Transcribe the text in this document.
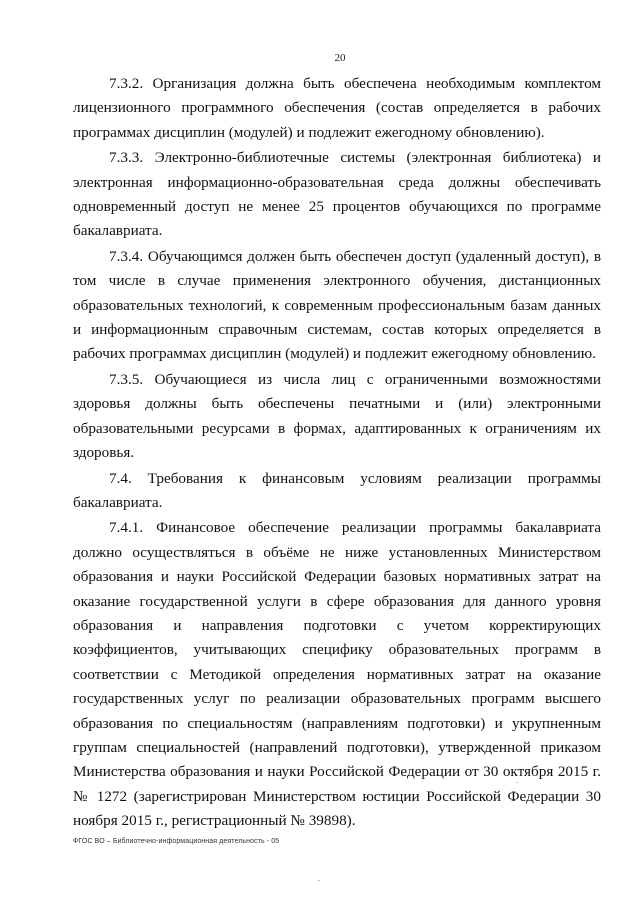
20

7.3.2. Организация должна быть обеспечена необходимым комплектом лицензионного программного обеспечения (состав определяется в рабочих программах дисциплин (модулей) и подлежит ежегодному обновлению).

7.3.3. Электронно-библиотечные системы (электронная библиотека) и электронная информационно-образовательная среда должны обеспечивать одновременный доступ не менее 25 процентов обучающихся по программе бакалавриата.

7.3.4. Обучающимся должен быть обеспечен доступ (удаленный доступ), в том числе в случае применения электронного обучения, дистанционных образовательных технологий, к современным профессиональным базам данных и информационным справочным системам, состав которых определяется в рабочих программах дисциплин (модулей) и подлежит ежегодному обновлению.

7.3.5. Обучающиеся из числа лиц с ограниченными возможностями здоровья должны быть обеспечены печатными и (или) электронными образовательными ресурсами в формах, адаптированных к ограничениям их здоровья.

7.4. Требования к финансовым условиям реализации программы бакалавриата.

7.4.1. Финансовое обеспечение реализации программы бакалавриата должно осуществляться в объёме не ниже установленных Министерством образования и науки Российской Федерации базовых нормативных затрат на оказание государственной услуги в сфере образования для данного уровня образования и направления подготовки с учетом корректирующих коэффициентов, учитывающих специфику образовательных программ в соответствии с Методикой определения нормативных затрат на оказание государственных услуг по реализации образовательных программ высшего образования по специальностям (направлениям подготовки) и укрупненным группам специальностей (направлений подготовки), утвержденной приказом Министерства образования и науки Российской Федерации от 30 октября 2015 г. № 1272 (зарегистрирован Министерством юстиции Российской Федерации 30 ноября 2015 г., регистрационный № 39898).

ФГОС ВО – Библиотечно-информационная деятельность - 05
